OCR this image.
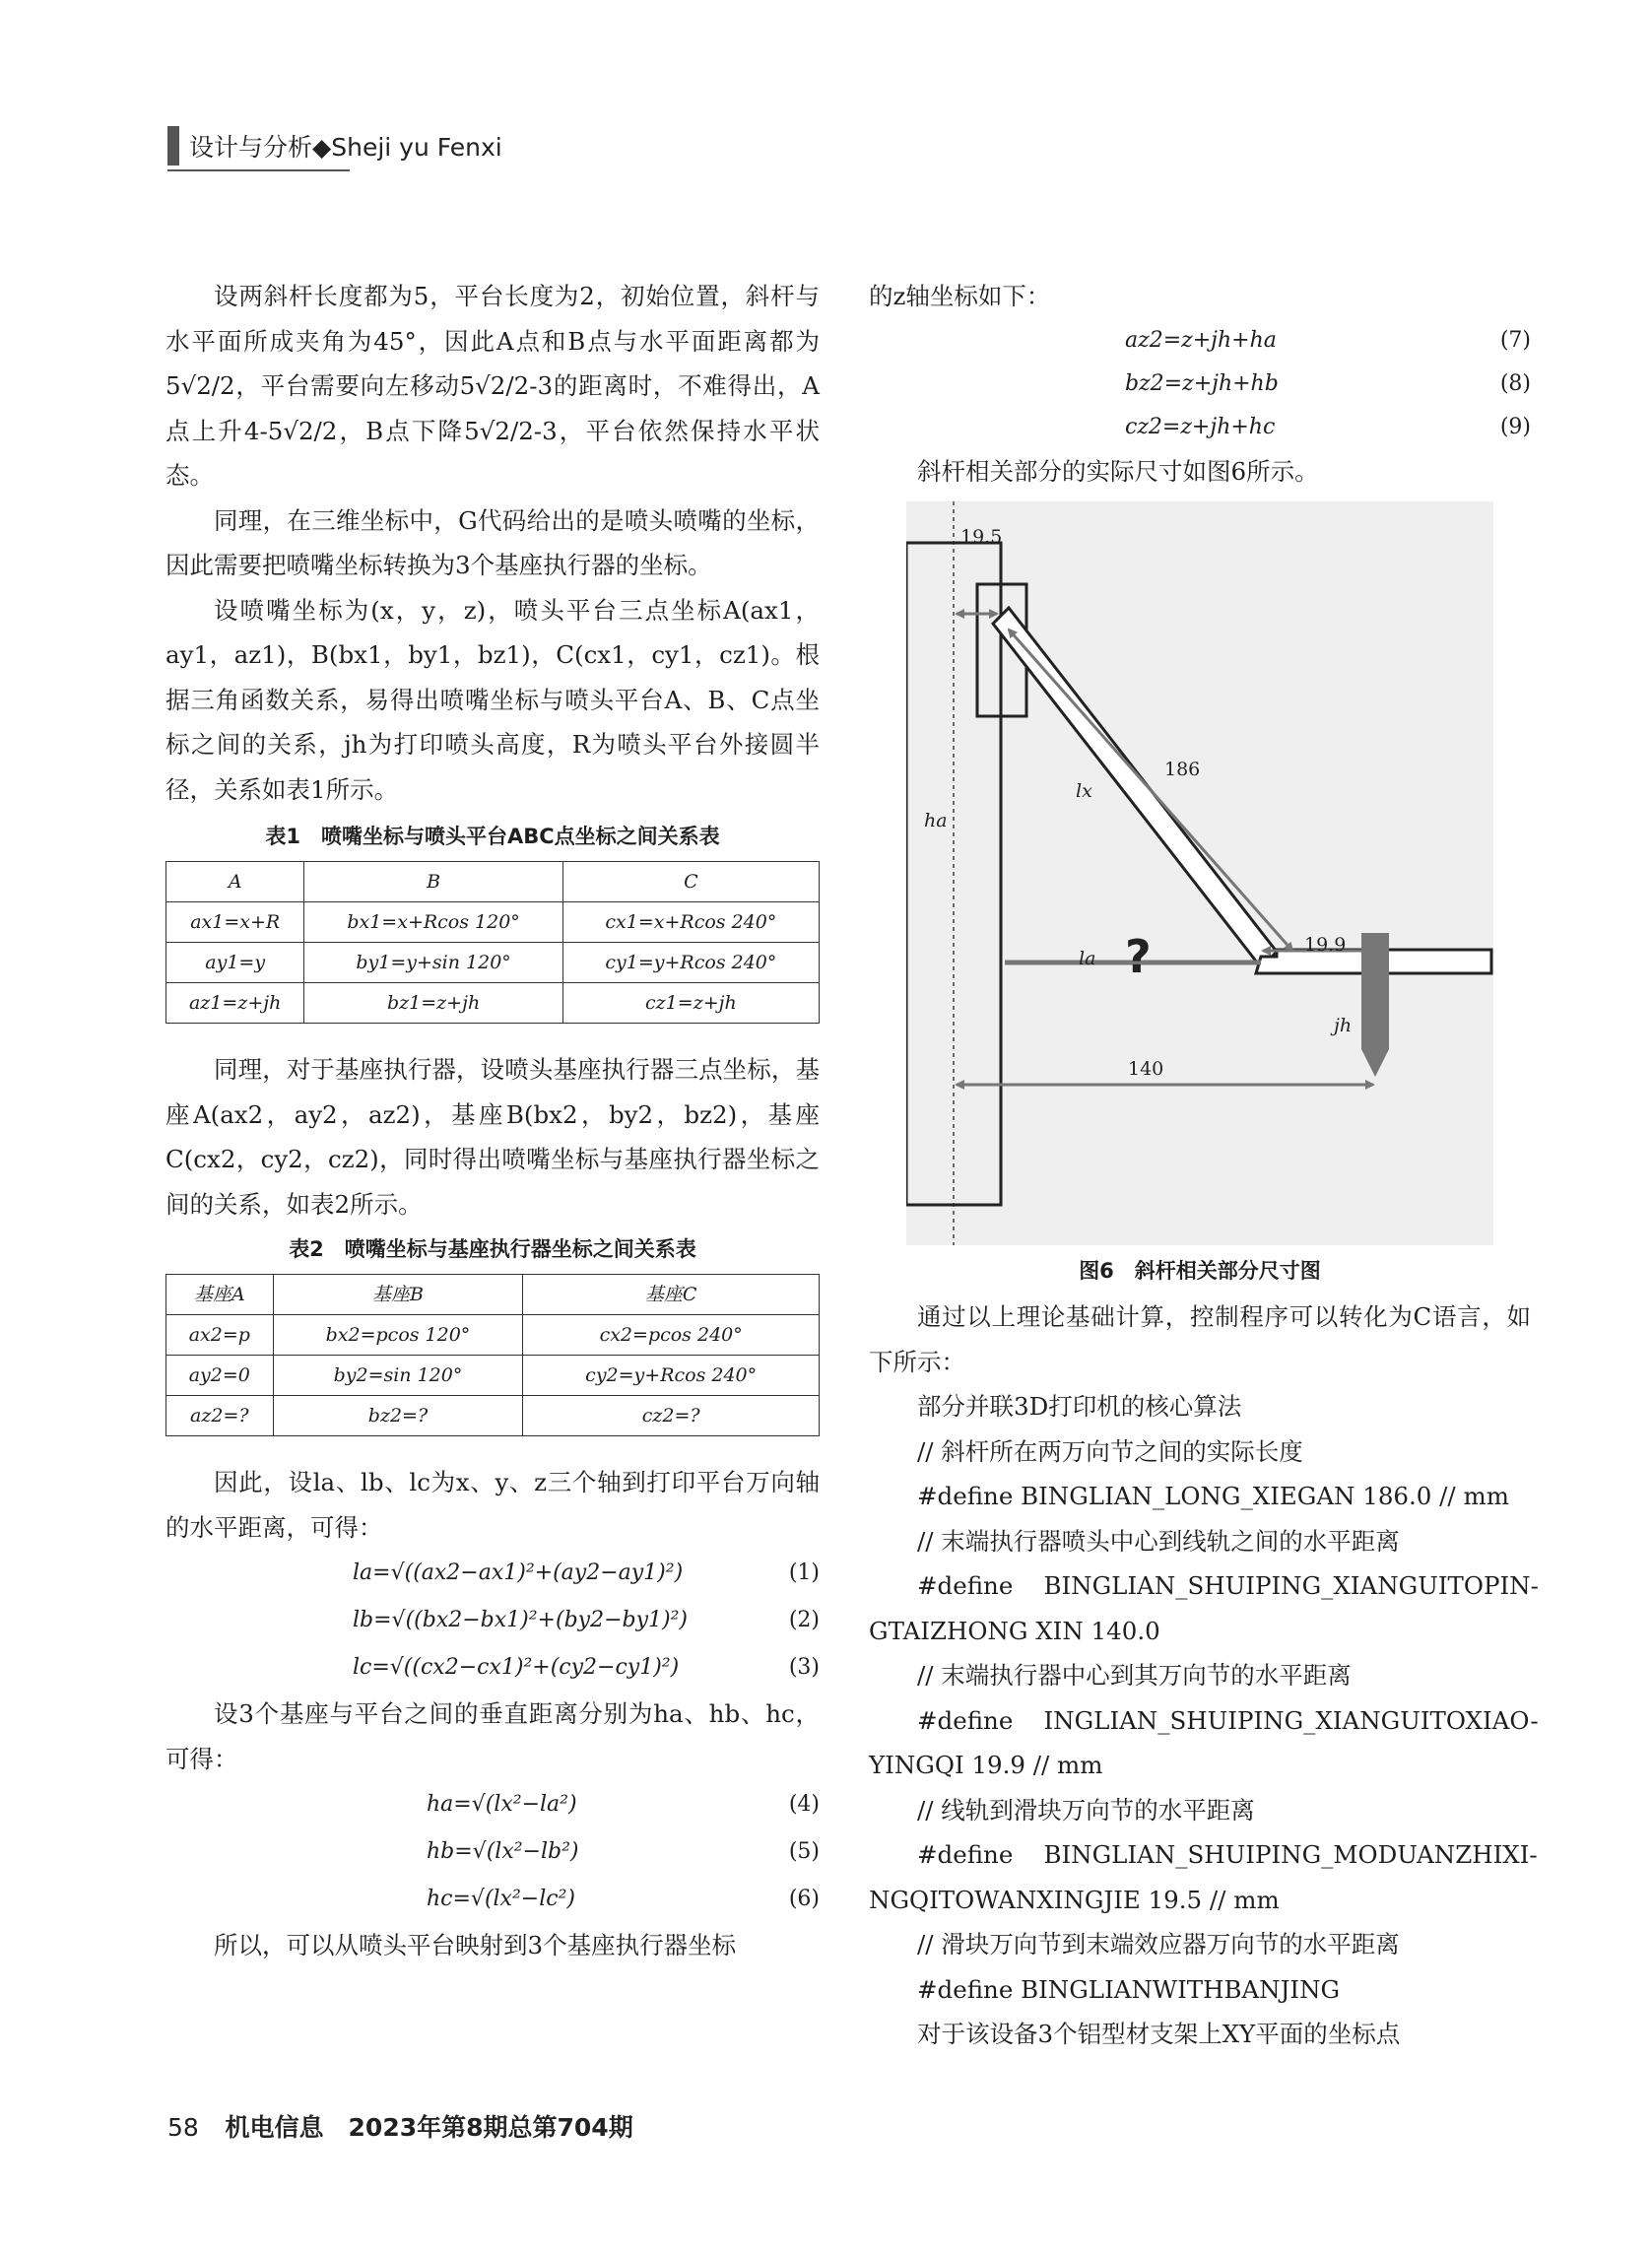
设计与分析◆Sheji yu Fenxi

设两斜杆长度都为5，平台长度为2，初始位置，斜杆与水平面所成夹角为45°，因此A点和B点与水平面距离都为5√2/2，平台需要向左移动5√2/2-3的距离时，不难得出，A点上升4-5√2/2，B点下降5√2/2-3，平台依然保持水平状态。

同理，在三维坐标中，G代码给出的是喷头喷嘴的坐标，因此需要把喷嘴坐标转换为3个基座执行器的坐标。

设喷嘴坐标为(x，y，z)，喷头平台三点坐标A(ax1，ay1，az1)，B(bx1，by1，bz1)，C(cx1，cy1，cz1)。根据三角函数关系，易得出喷嘴坐标与喷头平台A、B、C点坐标之间的关系，jh为打印喷头高度，R为喷头平台外接圆半径，关系如表1所示。

表1　喷嘴坐标与喷头平台ABC点坐标之间关系表
A	B	C
ax1=x+R	bx1=x+Rcos 120°	cx1=x+Rcos 240°
ay1=y	by1=y+sin 120°	cy1=y+Rcos 240°
az1=z+jh	bz1=z+jh	cz1=z+jh

同理，对于基座执行器，设喷头基座执行器三点坐标，基座A(ax2，ay2，az2)，基座B(bx2，by2，bz2)，基座C(cx2，cy2，cz2)，同时得出喷嘴坐标与基座执行器坐标之间的关系，如表2所示。

表2　喷嘴坐标与基座执行器坐标之间关系表
基座A	基座B	基座C
ax2=p	bx2=pcos 120°	cx2=pcos 240°
ay2=0	by2=sin 120°	cy2=y+Rcos 240°
az2=?	bz2=?	cz2=?

因此，设la、lb、lc为x、y、z三个轴到打印平台万向轴的水平距离，可得：

la=√((ax2−ax1)²+(ay2−ay1)²)	(1)
lb=√((bx2−bx1)²+(by2−by1)²)	(2)
lc=√((cx2−cx1)²+(cy2−cy1)²)	(3)

设3个基座与平台之间的垂直距离分别为ha、hb、hc，可得：

ha=√(lx²−la²)	(4)
hb=√(lx²−lb²)	(5)
hc=√(lx²−lc²)	(6)

所以，可以从喷头平台映射到3个基座执行器坐标

的z轴坐标如下：

az2=z+jh+ha	(7)
bz2=z+jh+hb	(8)
cz2=z+jh+hc	(9)

斜杆相关部分的实际尺寸如图6所示。

19.5
186
lx
ha
la ?	19.9
jh
140
图6　斜杆相关部分尺寸图

通过以上理论基础计算，控制程序可以转化为C语言，如下所示：

部分并联3D打印机的核心算法

// 斜杆所在两万向节之间的实际长度

#define BINGLIAN_LONG_XIEGAN 186.0 // mm

// 末端执行器喷头中心到线轨之间的水平距离

#define    BINGLIAN_SHUIPING_XIANGUITOPIN-

GTAIZHONG XIN 140.0

// 末端执行器中心到其万向节的水平距离

#define    INGLIAN_SHUIPING_XIANGUITOXIAO-

YINGQI 19.9 // mm

// 线轨到滑块万向节的水平距离

#define    BINGLIAN_SHUIPING_MODUANZHIXI-

NGQITOWANXINGJIE 19.5 // mm

// 滑块万向节到末端效应器万向节的水平距离

#define BINGLIANWITHBANJING

对于该设备3个铝型材支架上XY平面的坐标点

58 机电信息　2023年第8期总第704期
